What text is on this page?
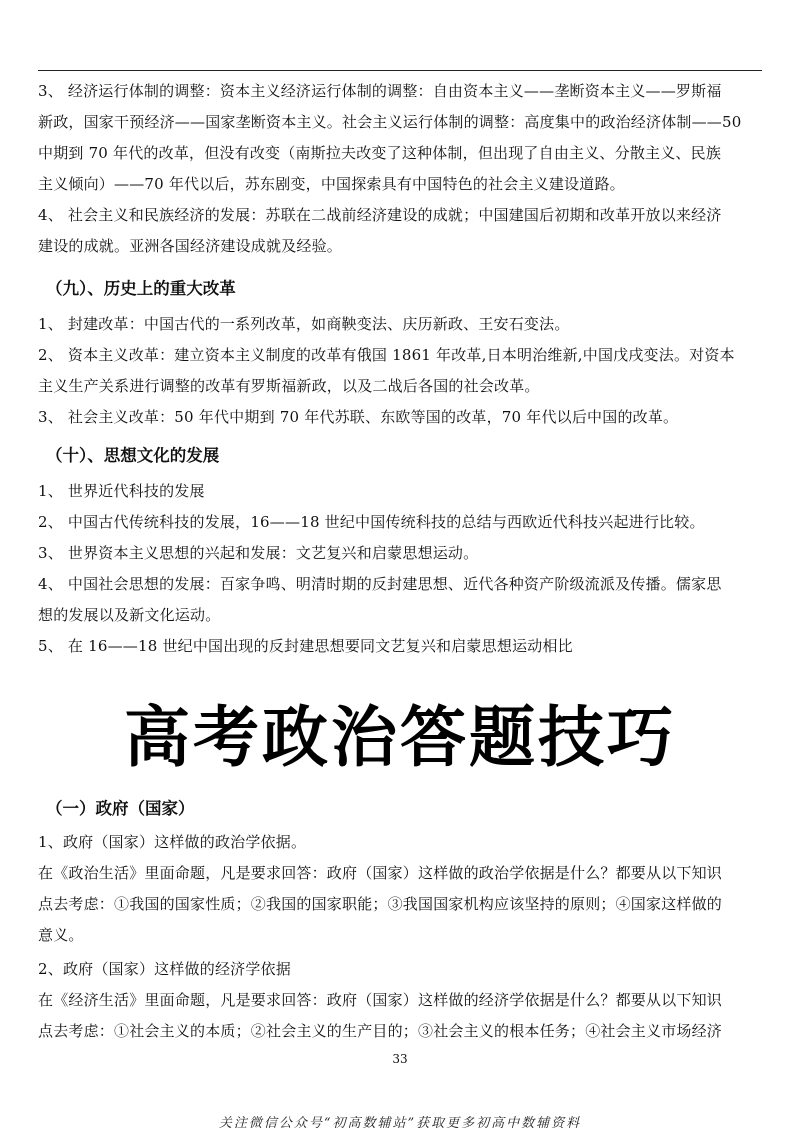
3、 经济运行体制的调整：资本主义经济运行体制的调整：自由资本主义——垄断资本主义——罗斯福
新政，国家干预经济——国家垄断资本主义。社会主义运行体制的调整：高度集中的政治经济体制——50
中期到 70 年代的改革，但没有改变（南斯拉夫改变了这种体制，但出现了自由主义、分散主义、民族
主义倾向）——70 年代以后，苏东剧变，中国探索具有中国特色的社会主义建设道路。
4、 社会主义和民族经济的发展：苏联在二战前经济建设的成就；中国建国后初期和改革开放以来经济
建设的成就。亚洲各国经济建设成就及经验。
（九）、历史上的重大改革
1、 封建改革：中国古代的一系列改革，如商鞅变法、庆历新政、王安石变法。
2、 资本主义改革：建立资本主义制度的改革有俄国 1861 年改革,日本明治维新,中国戊戌变法。对资本
主义生产关系进行调整的改革有罗斯福新政，以及二战后各国的社会改革。
3、 社会主义改革：50 年代中期到 70 年代苏联、东欧等国的改革，70 年代以后中国的改革。
（十）、思想文化的发展
1、 世界近代科技的发展
2、 中国古代传统科技的发展，16——18 世纪中国传统科技的总结与西欧近代科技兴起进行比较。
3、 世界资本主义思想的兴起和发展：文艺复兴和启蒙思想运动。
4、 中国社会思想的发展：百家争鸣、明清时期的反封建思想、近代各种资产阶级流派及传播。儒家思
想的发展以及新文化运动。
5、 在 16——18 世纪中国出现的反封建思想要同文艺复兴和启蒙思想运动相比
高考政治答题技巧
（一）政府（国家）
1、政府（国家）这样做的政治学依据。
在《政治生活》里面命题，凡是要求回答：政府（国家）这样做的政治学依据是什么？都要从以下知识
点去考虑：①我国的国家性质；②我国的国家职能；③我国国家机构应该坚持的原则；④国家这样做的
意义。
2、政府（国家）这样做的经济学依据
在《经济生活》里面命题，凡是要求回答：政府（国家）这样做的经济学依据是什么？都要从以下知识
点去考虑：①社会主义的本质；②社会主义的生产目的；③社会主义的根本任务；④社会主义市场经济
33
关注微信公众号“初高数辅站”获取更多初高中数辅资料
